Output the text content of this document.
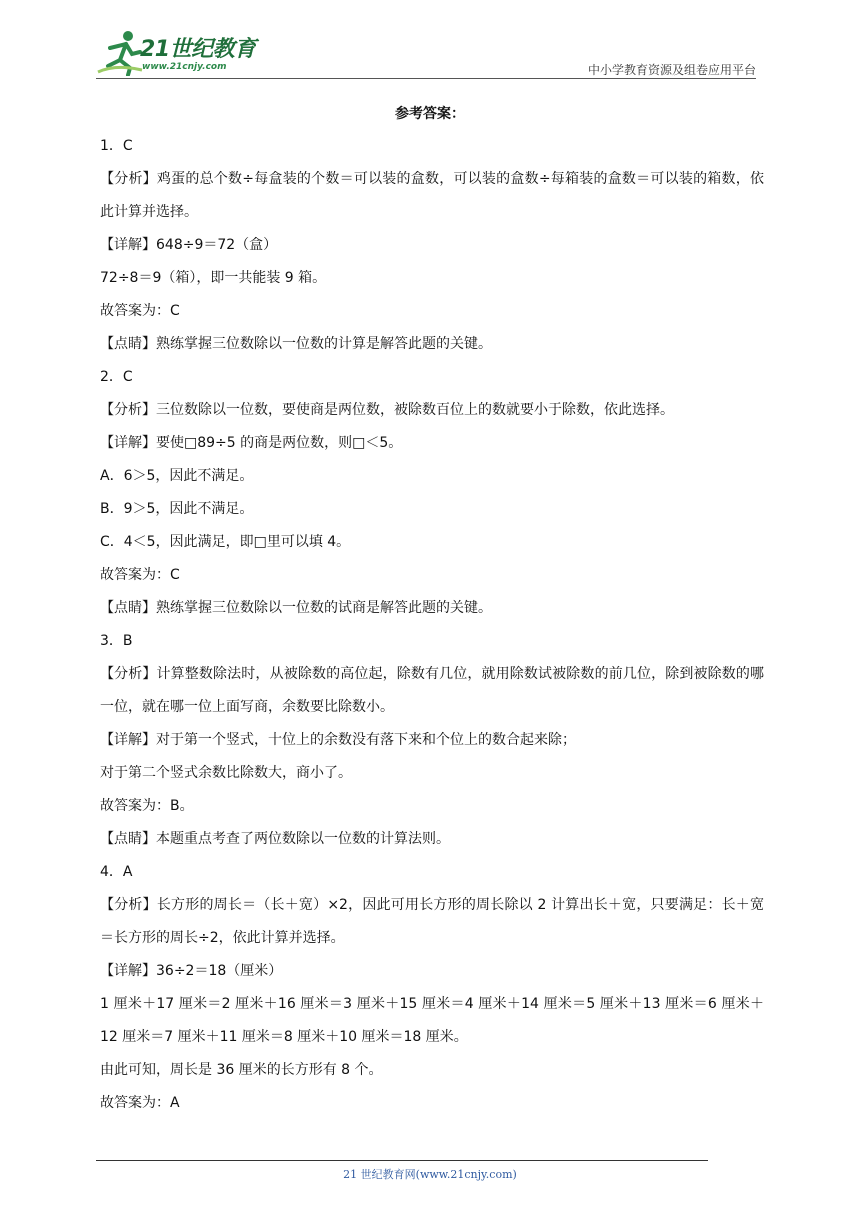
21世纪教育
www.21cnjy.com	中小学教育资源及组卷应用平台
参考答案：
1．C
【分析】鸡蛋的总个数÷每盒装的个数＝可以装的盒数，可以装的盒数÷每箱装的盒数＝可以装的箱数，依此计算并选择。
【详解】648÷9＝72（盒）
72÷8＝9（箱），即一共能装 9 箱。
故答案为：C
【点睛】熟练掌握三位数除以一位数的计算是解答此题的关键。
2．C
【分析】三位数除以一位数，要使商是两位数，被除数百位上的数就要小于除数，依此选择。
【详解】要使□89÷5 的商是两位数，则□＜5。
A．6＞5，因此不满足。
B．9＞5，因此不满足。
C．4＜5，因此满足，即□里可以填 4。
故答案为：C
【点睛】熟练掌握三位数除以一位数的试商是解答此题的关键。
3．B
【分析】计算整数除法时，从被除数的高位起，除数有几位，就用除数试被除数的前几位，除到被除数的哪一位，就在哪一位上面写商，余数要比除数小。
【详解】对于第一个竖式，十位上的余数没有落下来和个位上的数合起来除；
对于第二个竖式余数比除数大，商小了。
故答案为：B。
【点睛】本题重点考查了两位数除以一位数的计算法则。
4．A
【分析】长方形的周长＝（长＋宽）×2，因此可用长方形的周长除以 2 计算出长＋宽，只要满足：长＋宽＝长方形的周长÷2，依此计算并选择。
【详解】36÷2＝18（厘米）
1 厘米＋17 厘米＝2 厘米＋16 厘米＝3 厘米＋15 厘米＝4 厘米＋14 厘米＝5 厘米＋13 厘米＝6 厘米＋12 厘米＝7 厘米＋11 厘米＝8 厘米＋10 厘米＝18 厘米。
由此可知，周长是 36 厘米的长方形有 8 个。
故答案为：A
21 世纪教育网(www.21cnjy.com)
